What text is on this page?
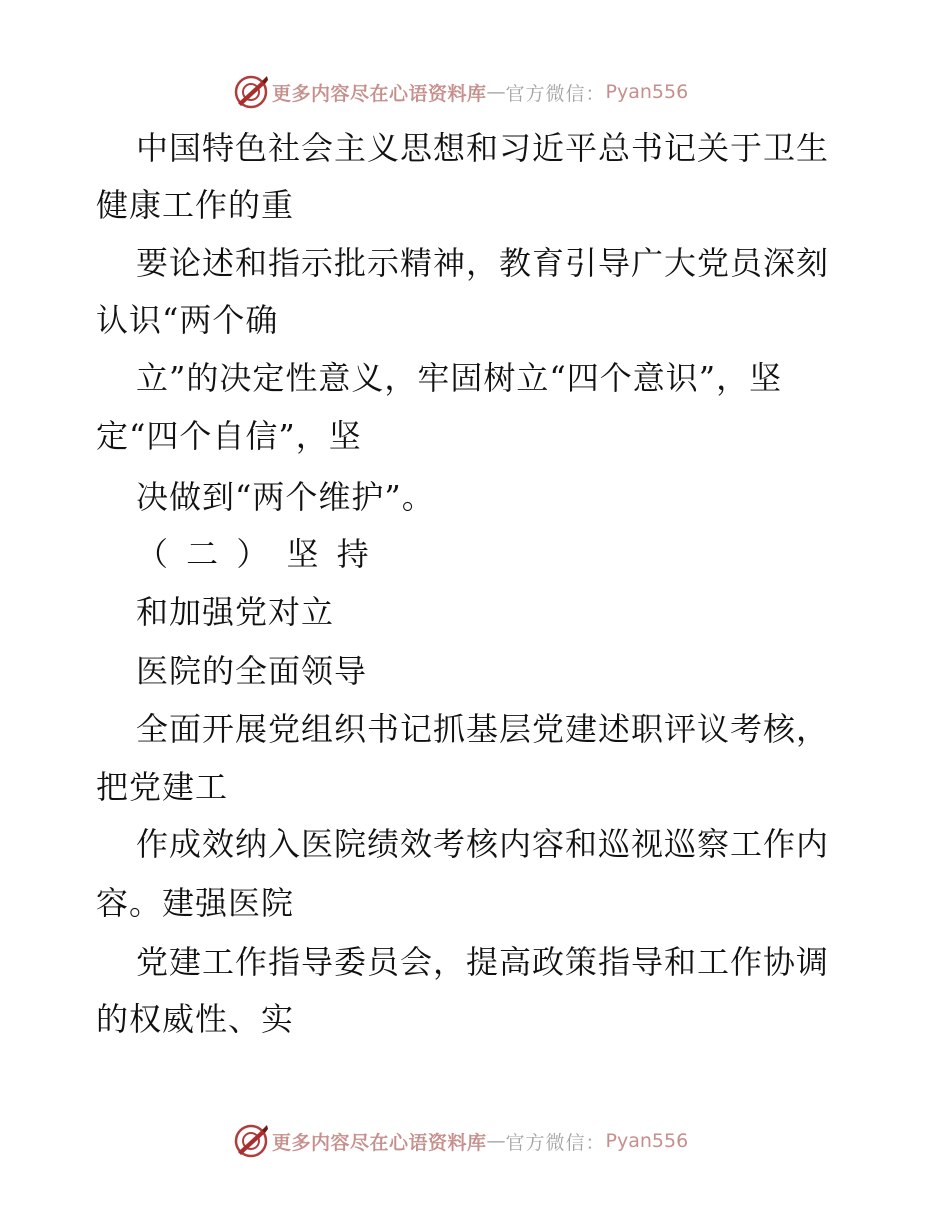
更多内容尽在心语资料库 — 官方微信： Pyan556
中国特色社会主义思想和习近平总书记关于卫生
健康工作的重
要论述和指示批示精神，教育引导广大党员深刻
认识“两个确
立”的决定性意义，牢固树立“四个意识”，坚
定“四个自信”，坚
决做到“两个维护”。
（ 二 ） 坚 持
和加强党对立
医院的全面领导
全面开展党组织书记抓基层党建述职评议考核，
把党建工
作成效纳入医院绩效考核内容和巡视巡察工作内
容。建强医院
党建工作指导委员会，提高政策指导和工作协调
的权威性、实
更多内容尽在心语资料库 — 官方微信： Pyan556
